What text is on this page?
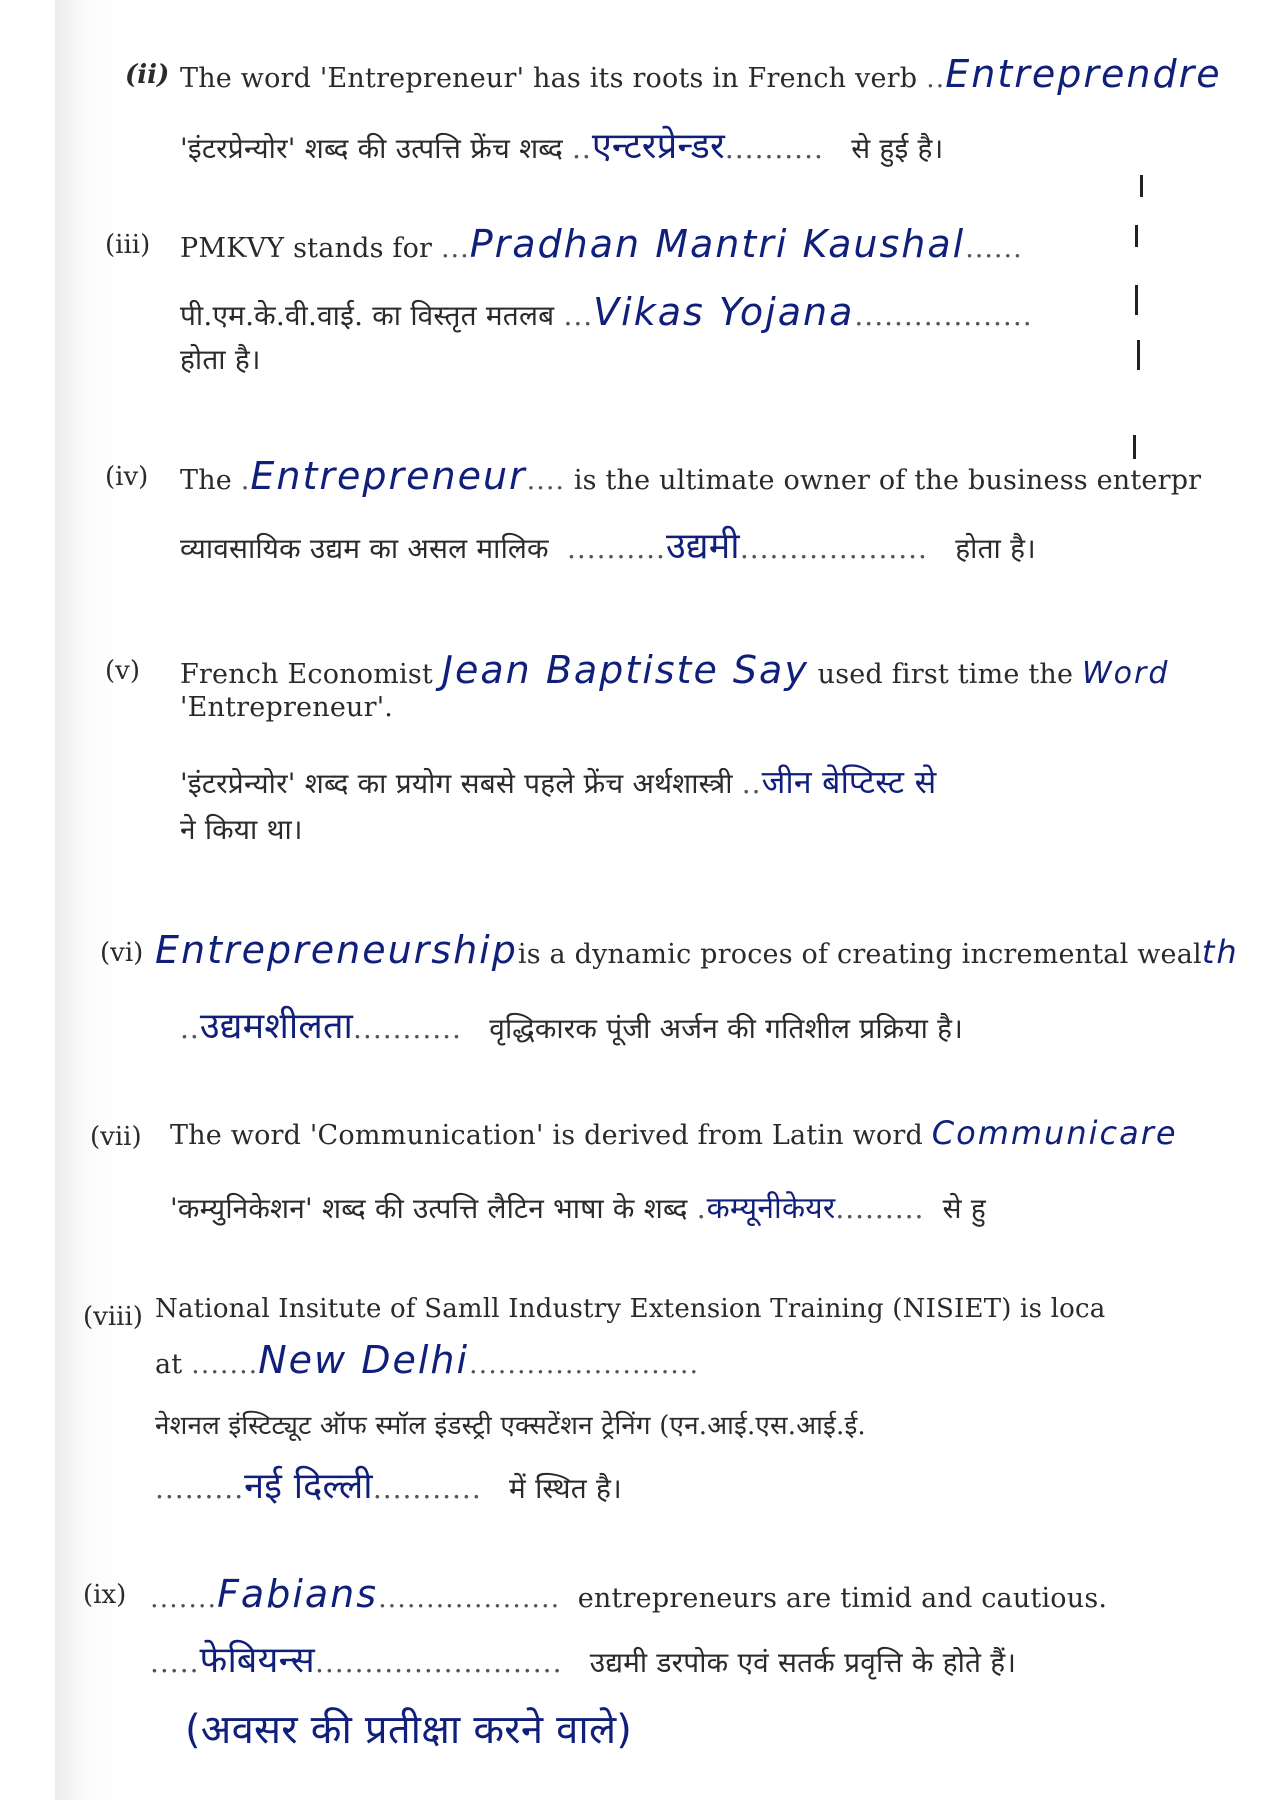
(ii) The word 'Entrepreneur' has its roots in French verb ..Entreprendre
'इंटरप्रेन्योर' शब्द की उत्पत्ति फ्रेंच शब्द ..एन्टरप्रेन्डर.......... से हुई है।
(iii) PMKVY stands for ...Pradhan Mantri Kaushal......
पी.एम.के.वी.वाई. का विस्तृत मतलब ...Vikas Yojana..................
होता है।
(iv) The .Entrepreneur.... is the ultimate owner of the business enterpr
व्यावसायिक उद्यम का असल मालिक ..........उद्यमी................... होता है।
(v) French Economist Jean Baptiste Say used first time the Word
'Entrepreneur'.
'इंटरप्रेन्योर' शब्द का प्रयोग सबसे पहले फ्रेंच अर्थशास्त्री ..जीन बेप्टिस्ट से
ने किया था।
(vi) Entrepreneurshipis a dynamic proces of creating incremental wealth
..उद्यमशीलता........... वृद्धिकारक पूंजी अर्जन की गतिशील प्रक्रिया है।
(vii) The word 'Communication' is derived from Latin word Communicare
'कम्युनिकेशन' शब्द की उत्पत्ति लैटिन भाषा के शब्द .कम्यूनीकेयर......... से हु
(viii) National Insitute of Samll Industry Extension Training (NISIET) is loca
at .......New Delhi........................
नेशनल इंस्टिट्यूट ऑफ स्मॉल इंडस्ट्री एक्सटेंशन ट्रेनिंग (एन.आई.एस.आई.ई.
.........नई दिल्ली........... में स्थित है।
(ix) .......Fabians................... entrepreneurs are timid and cautious.
.....फेबियन्स......................... उद्यमी डरपोक एवं सतर्क प्रवृत्ति के होते हैं।
(अवसर की प्रतीक्षा करने वाले)
